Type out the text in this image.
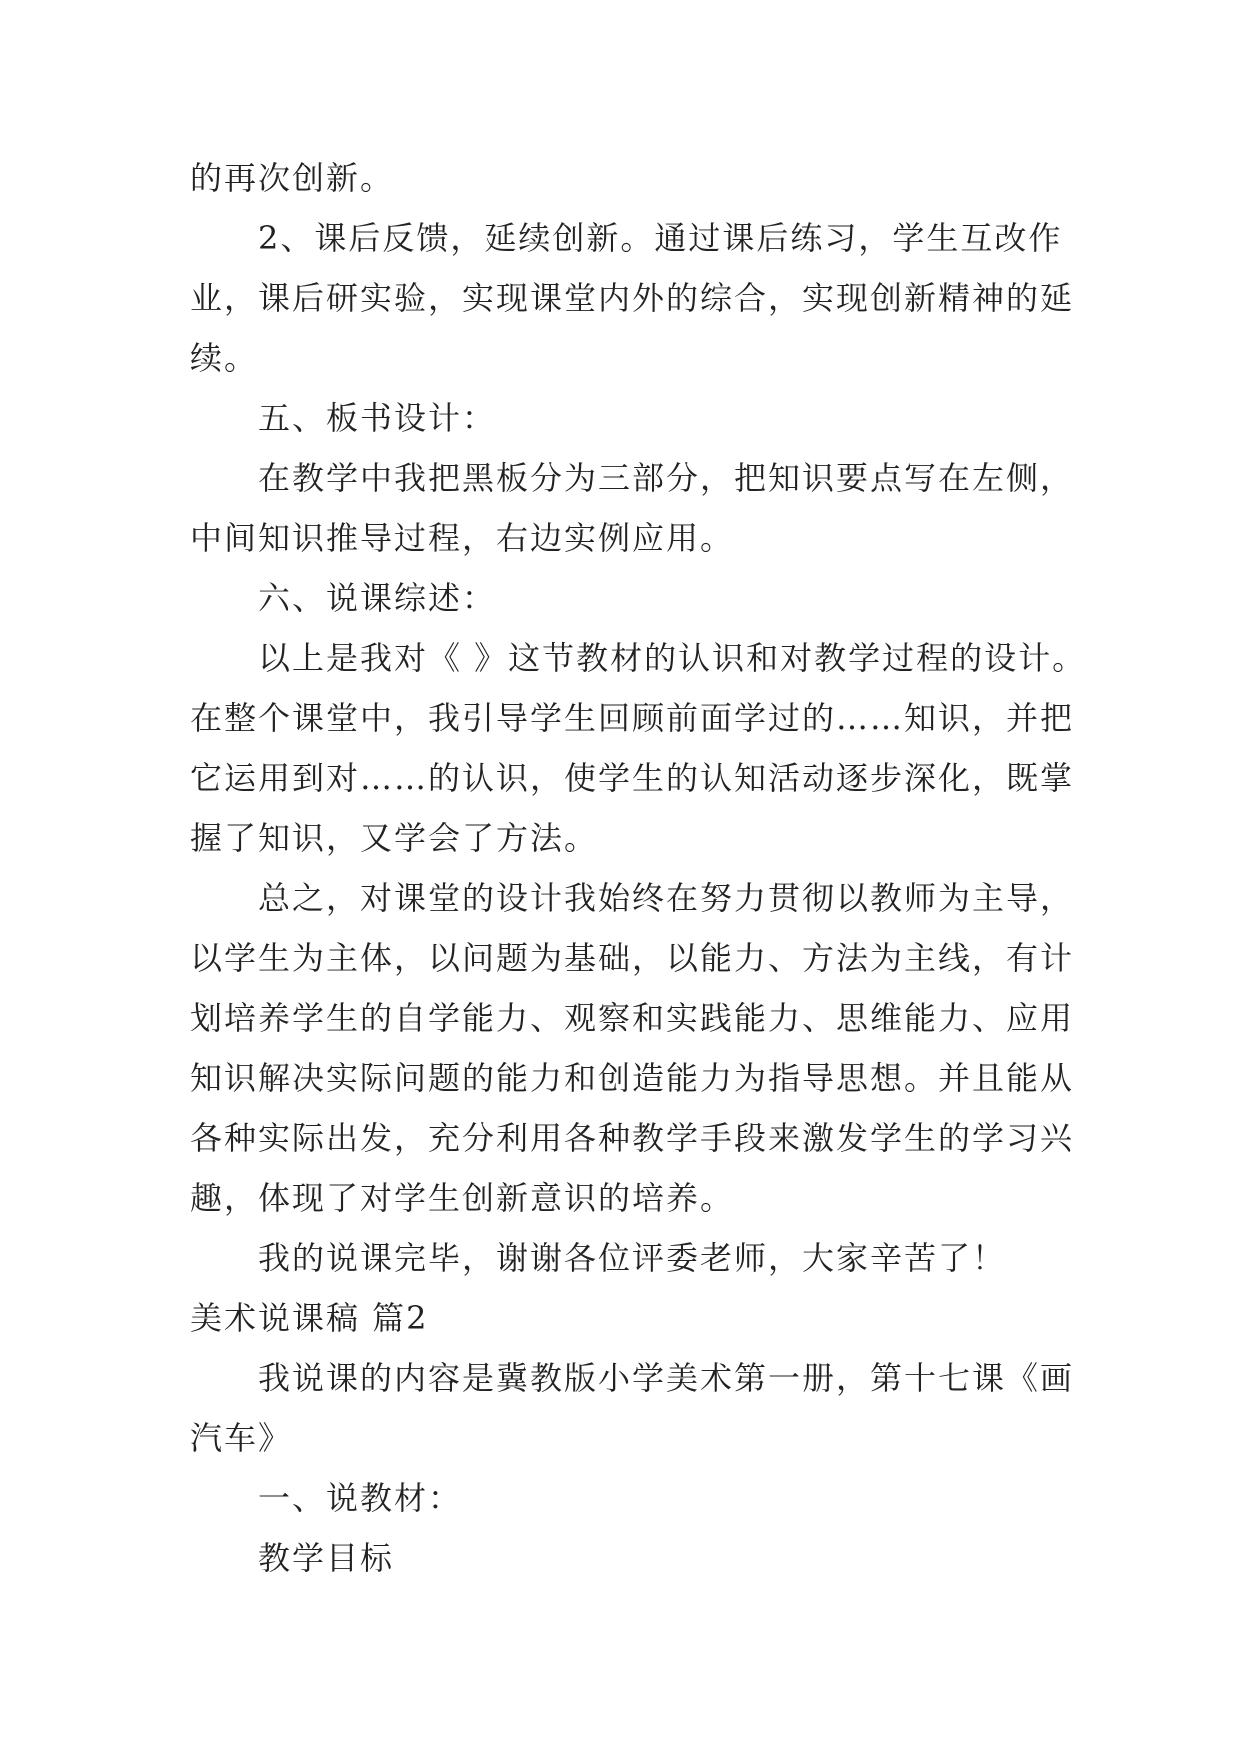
的再次创新。
2、课后反馈，延续创新。通过课后练习，学生互改作
业，课后研实验，实现课堂内外的综合，实现创新精神的延
续。
五、板书设计：
在教学中我把黑板分为三部分，把知识要点写在左侧，
中间知识推导过程，右边实例应用。
六、说课综述：
以上是我对《 》这节教材的认识和对教学过程的设计。
在整个课堂中，我引导学生回顾前面学过的……知识，并把
它运用到对……的认识，使学生的认知活动逐步深化，既掌
握了知识，又学会了方法。
总之，对课堂的设计我始终在努力贯彻以教师为主导，
以学生为主体，以问题为基础，以能力、方法为主线，有计
划培养学生的自学能力、观察和实践能力、思维能力、应用
知识解决实际问题的能力和创造能力为指导思想。并且能从
各种实际出发，充分利用各种教学手段来激发学生的学习兴
趣，体现了对学生创新意识的培养。
我的说课完毕，谢谢各位评委老师，大家辛苦了！
美术说课稿 篇2
我说课的内容是冀教版小学美术第一册，第十七课《画
汽车》
一、说教材：
教学目标
